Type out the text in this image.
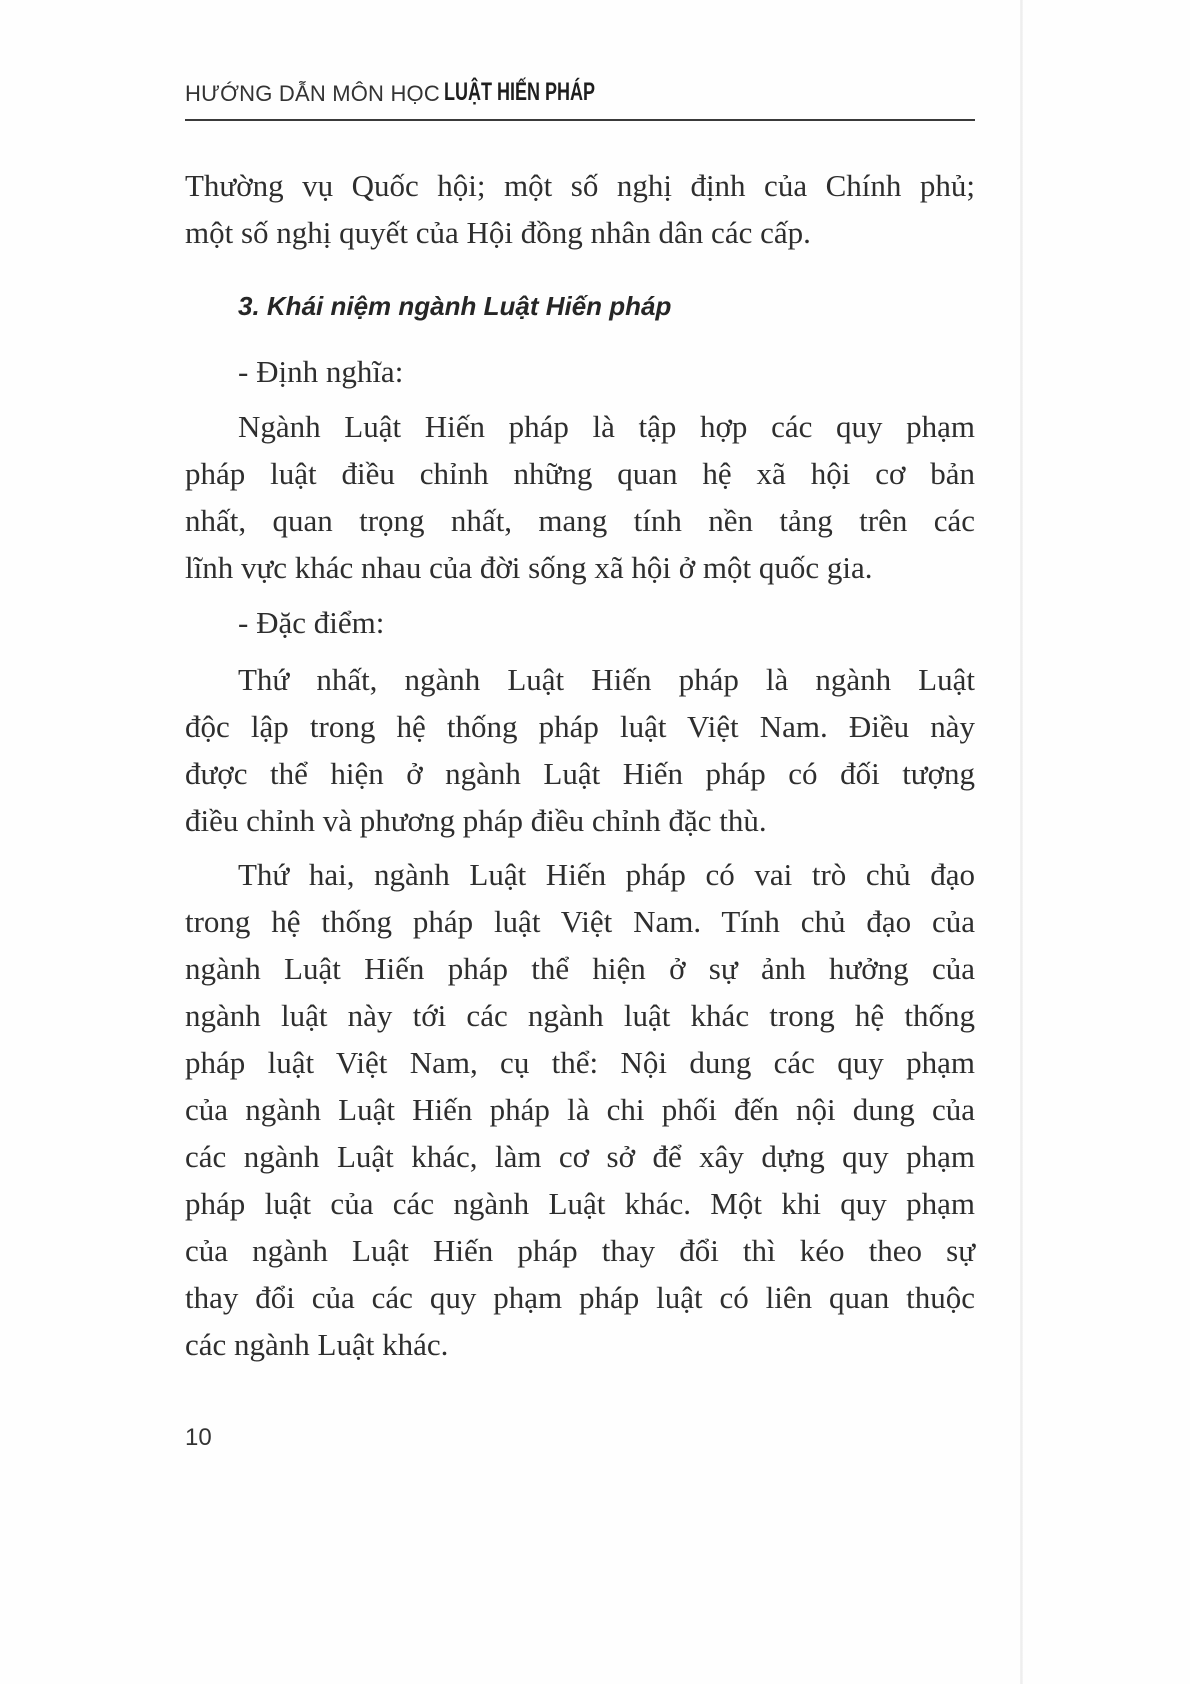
HƯỚNG DẪN MÔN HỌC LUẬT HIẾN PHÁP
Thường vụ Quốc hội; một số nghị định của Chính phủ;
một số nghị quyết của Hội đồng nhân dân các cấp.
3. Khái niệm ngành Luật Hiến pháp
- Định nghĩa:
Ngành Luật Hiến pháp là tập hợp các quy phạm
pháp luật điều chỉnh những quan hệ xã hội cơ bản
nhất, quan trọng nhất, mang tính nền tảng trên các
lĩnh vực khác nhau của đời sống xã hội ở một quốc gia.
- Đặc điểm:
Thứ nhất, ngành Luật Hiến pháp là ngành Luật
độc lập trong hệ thống pháp luật Việt Nam. Điều này
được thể hiện ở ngành Luật Hiến pháp có đối tượng
điều chỉnh và phương pháp điều chỉnh đặc thù.
Thứ hai, ngành Luật Hiến pháp có vai trò chủ đạo
trong hệ thống pháp luật Việt Nam. Tính chủ đạo của
ngành Luật Hiến pháp thể hiện ở sự ảnh hưởng của
ngành luật này tới các ngành luật khác trong hệ thống
pháp luật Việt Nam, cụ thể: Nội dung các quy phạm
của ngành Luật Hiến pháp là chi phối đến nội dung của
các ngành Luật khác, làm cơ sở để xây dựng quy phạm
pháp luật của các ngành Luật khác. Một khi quy phạm
của ngành Luật Hiến pháp thay đổi thì kéo theo sự
thay đổi của các quy phạm pháp luật có liên quan thuộc
các ngành Luật khác.
10
